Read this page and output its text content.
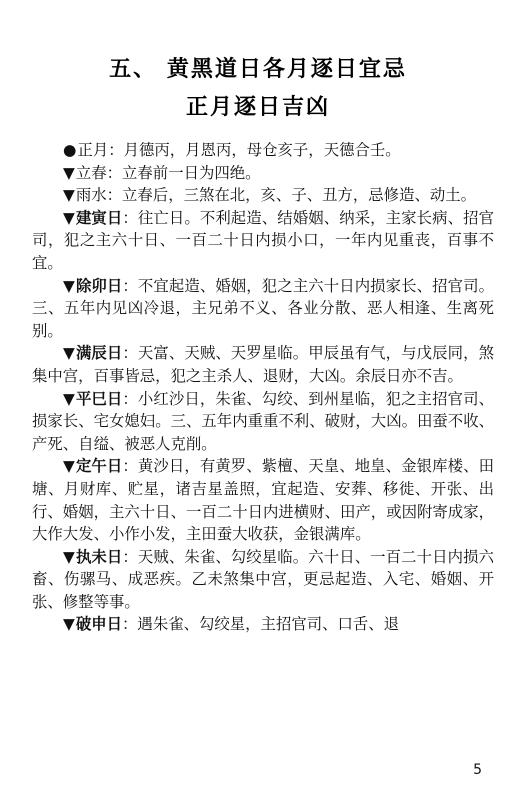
五、 黄黑道日各月逐日宜忌
正月逐日吉凶

●正月：月德丙，月恩丙，母仓亥子，天德合壬。

▼立春：立春前一日为四绝。

▼雨水：立春后，三煞在北，亥、子、丑方，忌修造、动土。

▼建寅日：往亡日。不利起造、结婚姻、纳采，主家长病、招官司，犯之主六十日、一百二十日内损小口，一年内见重丧，百事不宜。

▼除卯日：不宜起造、婚姻，犯之主六十日内损家长、招官司。三、五年内见凶冷退，主兄弟不义、各业分散、恶人相逢、生离死别。

▼满辰日：天富、天贼、天罗星临。甲辰虽有气，与戊辰同，煞集中宫，百事皆忌，犯之主杀人、退财，大凶。余辰日亦不吉。

▼平巳日：小红沙日，朱雀、勾绞、到州星临，犯之主招官司、损家长、宅女媳妇。三、五年内重重不利、破财，大凶。田蚕不收、产死、自缢、被恶人克削。

▼定午日：黄沙日，有黄罗、紫檀、天皇、地皇、金银库楼、田塘、月财库、贮星，诸吉星盖照，宜起造、安葬、移徙、开张、出行、婚姻，主六十日、一百二十日内进横财、田产，或因附寄成家，大作大发、小作小发，主田蚕大收获，金银满库。

▼执未日：天贼、朱雀、勾绞星临。六十日、一百二十日内损六畜、伤骡马、成恶疾。乙未煞集中宫，更忌起造、入宅、婚姻、开张、修整等事。

▼破申日：遇朱雀、勾绞星，主招官司、口舌、退

5
